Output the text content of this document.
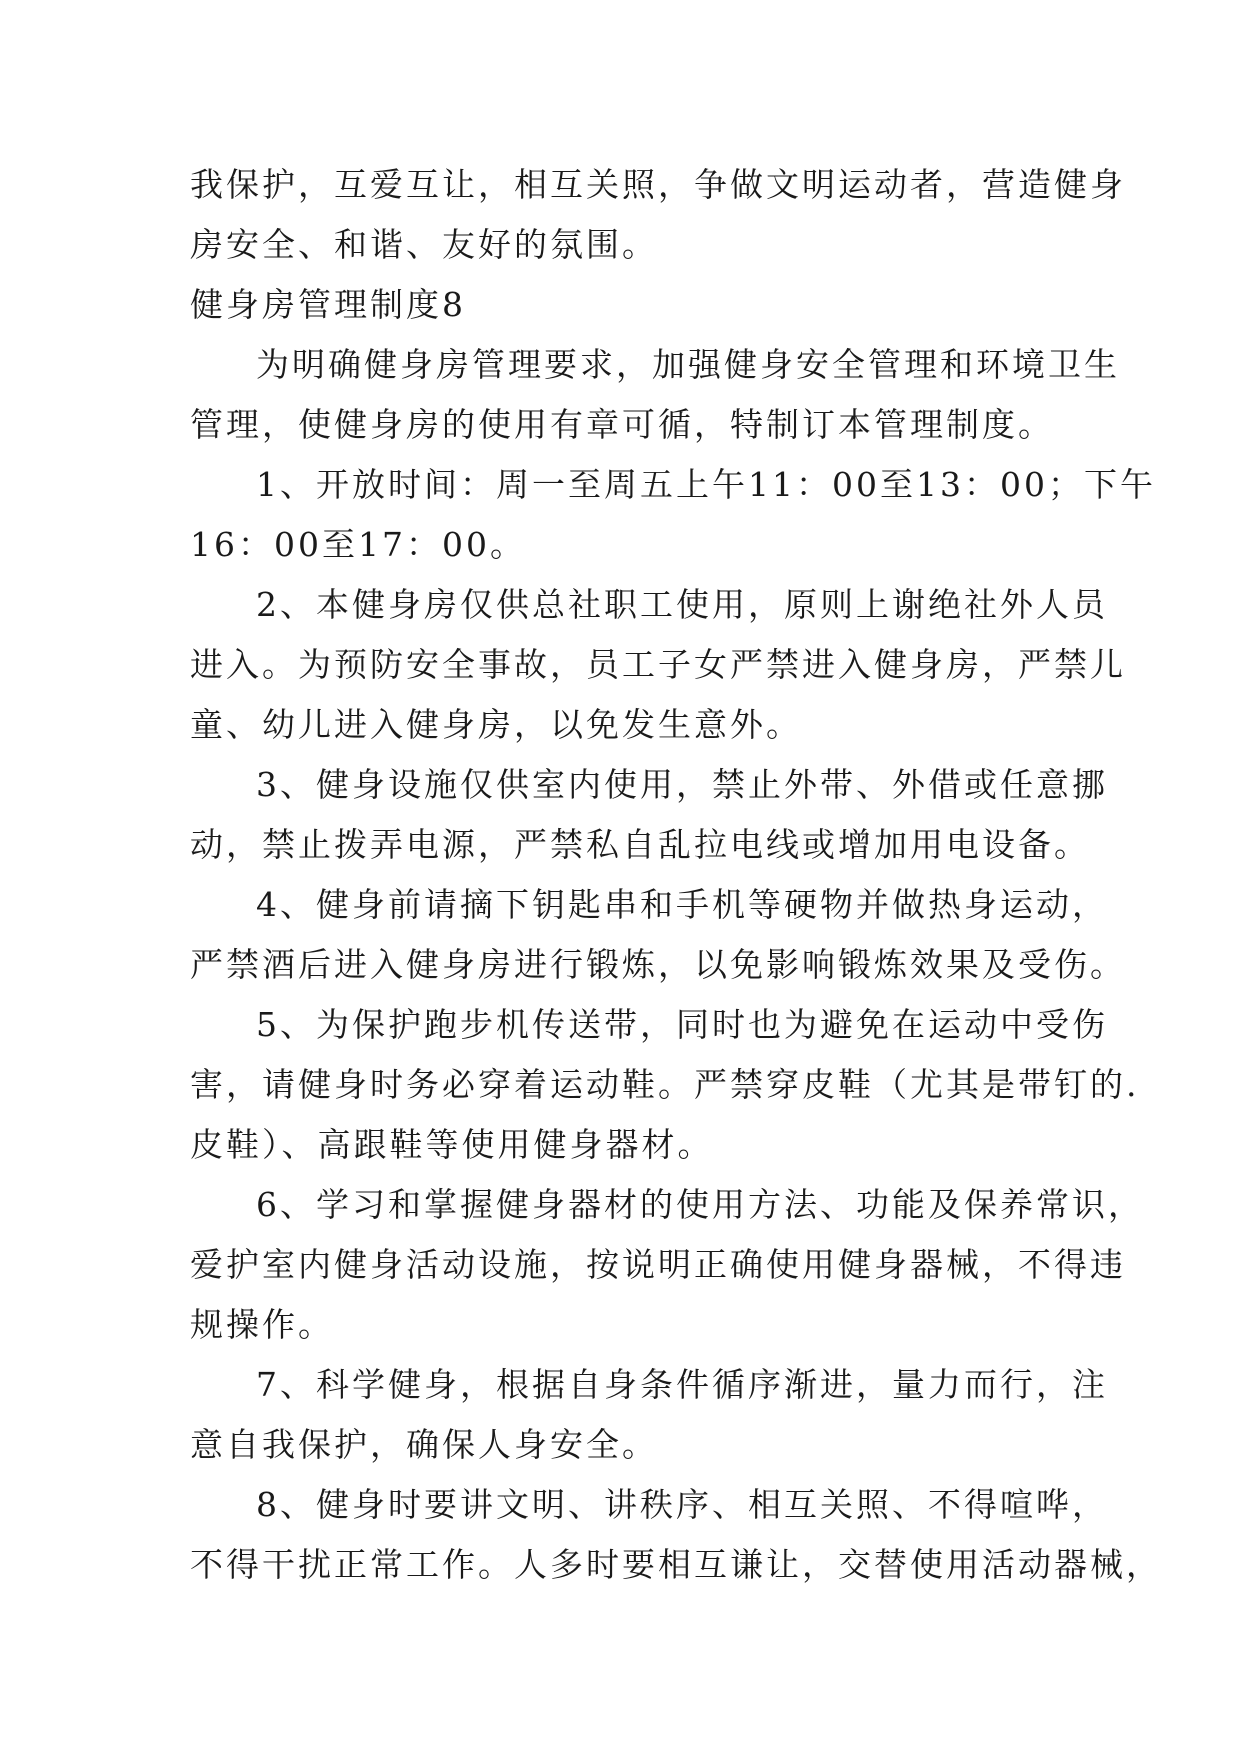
我保护，互爱互让，相互关照，争做文明运动者，营造健身
房安全、和谐、友好的氛围。
健身房管理制度8
为明确健身房管理要求，加强健身安全管理和环境卫生
管理，使健身房的使用有章可循，特制订本管理制度。
1、开放时间：周一至周五上午11：00至13：00；下午
16：00至17：00。
2、本健身房仅供总社职工使用，原则上谢绝社外人员
进入。为预防安全事故，员工子女严禁进入健身房，严禁儿
童、幼儿进入健身房，以免发生意外。
3、健身设施仅供室内使用，禁止外带、外借或任意挪
动，禁止拨弄电源，严禁私自乱拉电线或增加用电设备。
4、健身前请摘下钥匙串和手机等硬物并做热身运动，
严禁酒后进入健身房进行锻炼，以免影响锻炼效果及受伤。
5、为保护跑步机传送带，同时也为避免在运动中受伤
害，请健身时务必穿着运动鞋。严禁穿皮鞋（尤其是带钉的.
皮鞋）、高跟鞋等使用健身器材。
6、学习和掌握健身器材的使用方法、功能及保养常识，
爱护室内健身活动设施，按说明正确使用健身器械，不得违
规操作。
7、科学健身，根据自身条件循序渐进，量力而行，注
意自我保护，确保人身安全。
8、健身时要讲文明、讲秩序、相互关照、不得喧哗，
不得干扰正常工作。人多时要相互谦让，交替使用活动器械，
